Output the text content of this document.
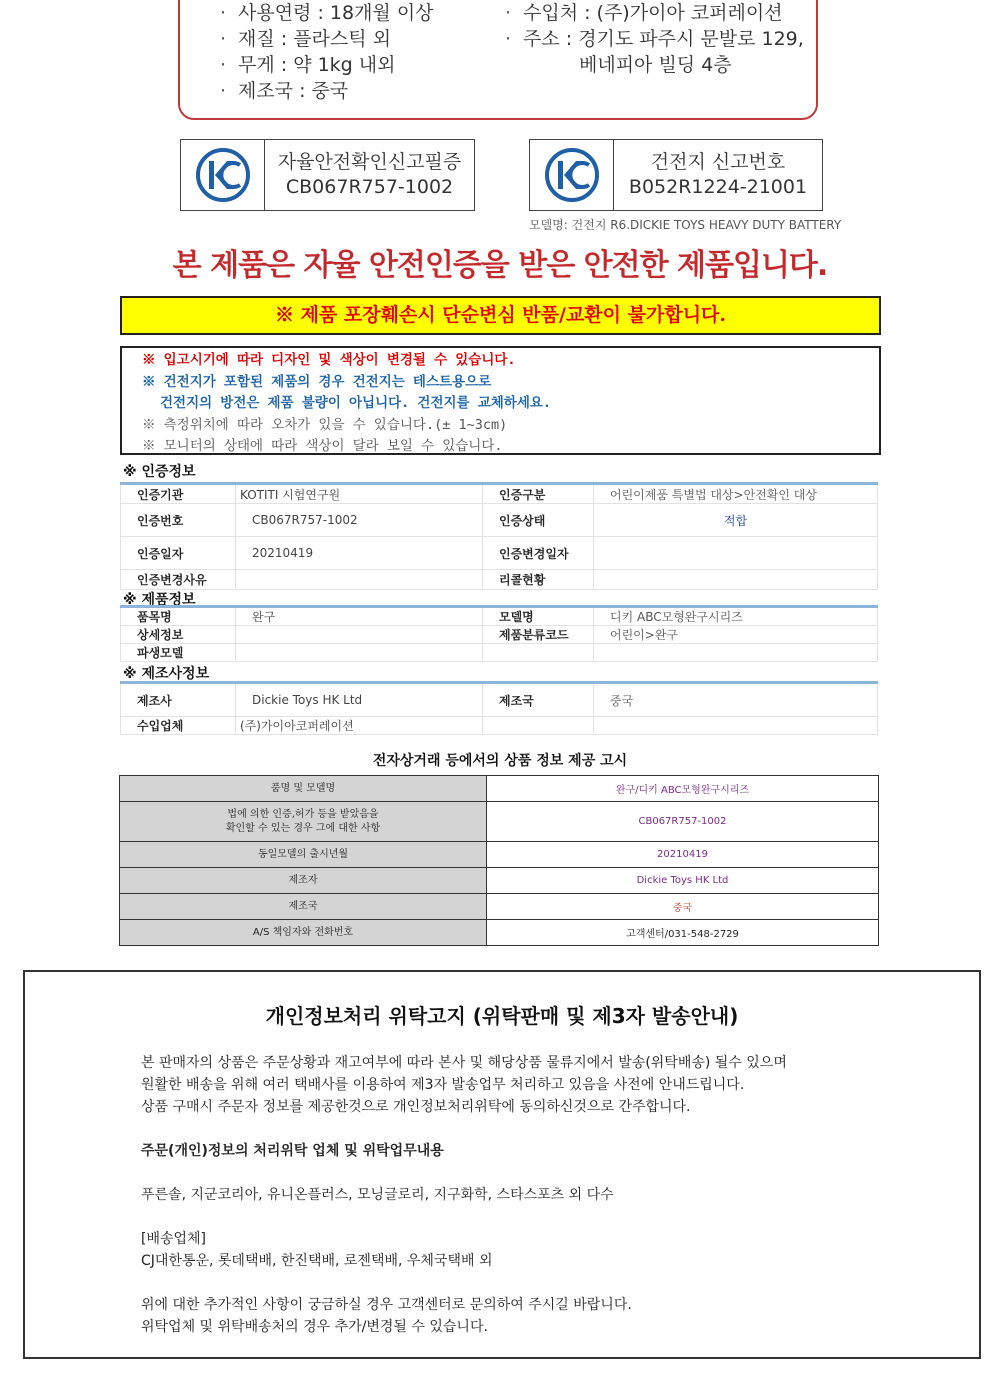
· 사용연령 : 18개월 이상
· 재질 : 플라스틱 외
· 무게 : 약 1kg 내외
· 제조국 : 중국
· 수입처 : (주)가이아 코퍼레이션
· 주소 : 경기도 파주시 문발로 129,
베네피아 빌딩 4층
자율안전확인신고필증
CB067R757-1002
건전지 신고번호
B052R1224-21001
모델명: 건전지 R6.DICKIE TOYS HEAVY DUTY BATTERY
본 제품은 자율 안전인증을 받은 안전한 제품입니다.
※ 제품 포장훼손시 단순변심 반품/교환이 불가합니다.
※ 입고시기에 따라 디자인 및 색상이 변경될 수 있습니다.
※ 건전지가 포함된 제품의 경우 건전지는 테스트용으로
건전지의 방전은 제품 불량이 아닙니다. 건전지를 교체하세요.
※ 측정위치에 따라 오차가 있을 수 있습니다.(± 1~3cm)
※ 모니터의 상태에 따라 색상이 달라 보일 수 있습니다.
※ 인증정보
인증기관	KOTITI 시험연구원	인증구분	어린이제품 특별법 대상>안전확인 대상
인증번호	CB067R757-1002	인증상태	적합
인증일자	20210419	인증변경일자	
인증변경사유		리콜현황	
※ 제품정보
품목명	완구	모델명	디키 ABC모형완구시리즈
상세정보		제품분류코드	어린이>완구
파생모델			
※ 제조사정보
제조사	Dickie Toys HK Ltd	제조국	중국
수입업체	(주)가이아코퍼레이션		
전자상거래 등에서의 상품 정보 제공 고시
품명 및 모델명	완구/디키 ABC모형완구시리즈

법에 의한 인증,허가 등을 받았음을
확인할 수 있는 경우 그에 대한 사항	CB067R757-1002

동일모델의 출시년월	20210419

제조자	Dickie Toys HK Ltd

제조국	중국

A/S 책임자와 전화번호	고객센터/031-548-2729
개인정보처리 위탁고지 (위탁판매 및 제3자 발송안내)
본 판매자의 상품은 주문상황과 재고여부에 따라 본사 및 해당상품 물류지에서 발송(위탁배송) 될수 있으며
원활한 배송을 위해 여러 택배사를 이용하여 제3자 발송업무 처리하고 있음을 사전에 안내드립니다.
상품 구매시 주문자 정보를 제공한것으로 개인정보처리위탁에 동의하신것으로 간주합니다.
주문(개인)정보의 처리위탁 업체 및 위탁업무내용
푸른솔, 지군코리아, 유니온플러스, 모닝글로리, 지구화학, 스타스포츠 외 다수
[배송업체]
CJ대한통운, 롯데택배, 한진택배, 로젠택배, 우체국택배 외
위에 대한 추가적인 사항이 궁금하실 경우 고객센터로 문의하여 주시길 바랍니다.
위탁업체 및 위탁배송처의 경우 추가/변경될 수 있습니다.
